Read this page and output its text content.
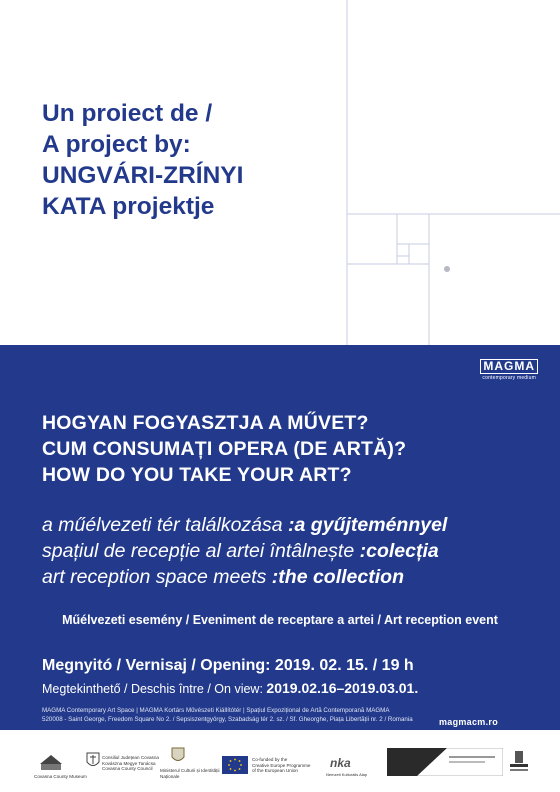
Un proiect de /
A project by:
UNGVÁRI-ZRÍNYI
KATA projektje
MAGMA
contemporary medium
HOGYAN FOGYASZTJA A MŰVET?
CUM CONSUMAȚI OPERA (DE ARTĂ)?
HOW DO YOU TAKE YOUR ART?
a műélvezeti tér találkozása :a gyűjteménnyel
spațiul de recepție al artei întâlnește :colecția
art reception space meets :the collection
Műélvezeti esemény / Eveniment de receptare a artei / Art reception event
Megnyitó / Vernisaj / Opening: 2019. 02. 15. / 19 h
Megtekinthető / Deschis între / On view: 2019.02.16–2019.03.01.
MAGMA Contemporary Art Space | MAGMA Kortárs Művészeti Kiállítótér | Spațiul Expozițional de Artă Contemporană MAGMA
520008 - Saint George, Freedom Square No 2. / Sepsiszentgyörgy, Szabadság tér 2. sz. / Sf. Gheorghe, Piața Libertății nr. 2 / Romania	magmacm.ro
Covasna County Museum
Consiliul Județean Covasna
Kovászna Megye Tanácsa
Covasna County Council	Ministerul Culturii și Identității
Naționale
Co-funded by the
Creative Europe Programme
of the European Union
nka
Nemzeti Kulturális Alap
